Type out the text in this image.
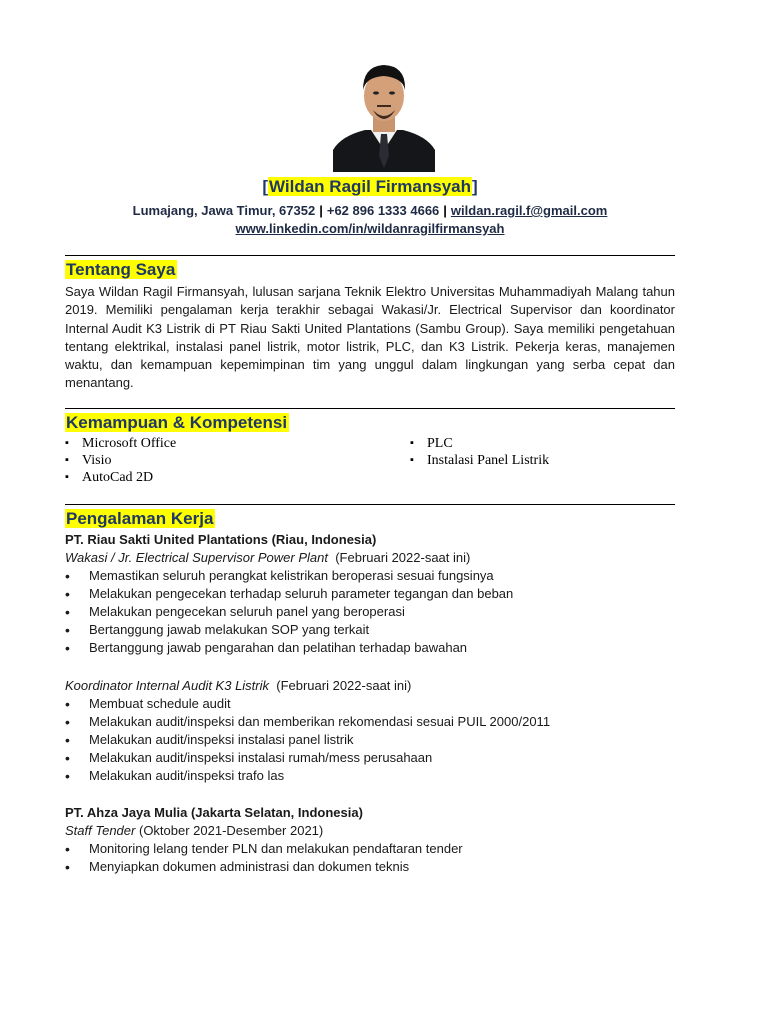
[Wildan Ragil Firmansyah]
Lumajang, Jawa Timur, 67352 | +62 896 1333 4666 | wildan.ragil.f@gmail.com
www.linkedin.com/in/wildanragilfirmansyah
Tentang Saya
Saya Wildan Ragil Firmansyah, lulusan sarjana Teknik Elektro Universitas Muhammadiyah Malang tahun 2019. Memiliki pengalaman kerja terakhir sebagai Wakasi/Jr. Electrical Supervisor dan koordinator Internal Audit K3 Listrik di PT Riau Sakti United Plantations (Sambu Group). Saya memiliki pengetahuan tentang elektrikal, instalasi panel listrik, motor listrik, PLC, dan K3 Listrik. Pekerja keras, manajemen waktu, dan kemampuan kepemimpinan tim yang unggul dalam lingkungan yang serba cepat dan menantang.
Kemampuan & Kompetensi
▪ Microsoft Office
▪ Visio
▪ AutoCad 2D
▪ PLC
▪ Instalasi Panel Listrik
Pengalaman Kerja
PT. Riau Sakti United Plantations (Riau, Indonesia)
Wakasi / Jr. Electrical Supervisor Power Plant (Februari 2022-saat ini)
• Memastikan seluruh perangkat kelistrikan beroperasi sesuai fungsinya
• Melakukan pengecekan terhadap seluruh parameter tegangan dan beban
• Melakukan pengecekan seluruh panel yang beroperasi
• Bertanggung jawab melakukan SOP yang terkait
• Bertanggung jawab pengarahan dan pelatihan terhadap bawahan
Koordinator Internal Audit K3 Listrik (Februari 2022-saat ini)
• Membuat schedule audit
• Melakukan audit/inspeksi dan memberikan rekomendasi sesuai PUIL 2000/2011
• Melakukan audit/inspeksi instalasi panel listrik
• Melakukan audit/inspeksi instalasi rumah/mess perusahaan
• Melakukan audit/inspeksi trafo las
PT. Ahza Jaya Mulia (Jakarta Selatan, Indonesia)
Staff Tender (Oktober 2021-Desember 2021)
• Monitoring lelang tender PLN dan melakukan pendaftaran tender
• Menyiapkan dokumen administrasi dan dokumen teknis
